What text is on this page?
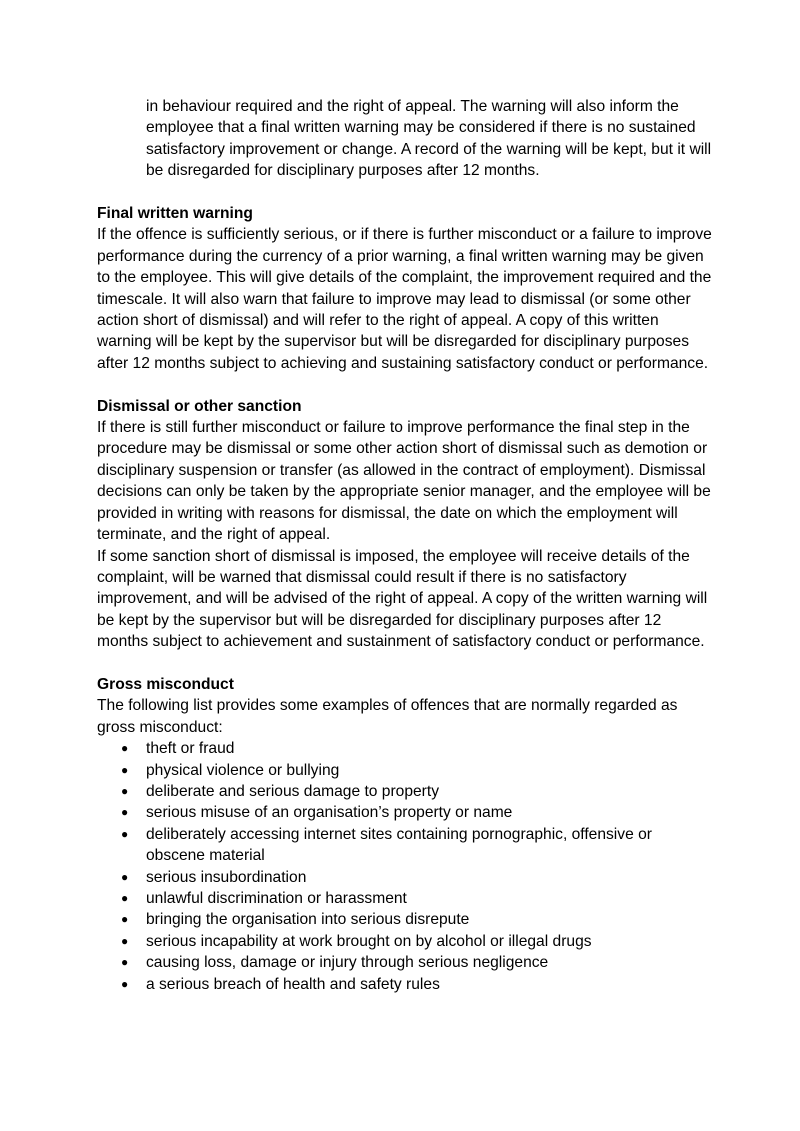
in behaviour required and the right of appeal. The warning will also inform the employee that a final written warning may be considered if there is no sustained satisfactory improvement or change. A record of the warning will be kept, but it will be disregarded for disciplinary purposes after 12 months.

Final written warning

If the offence is sufficiently serious, or if there is further misconduct or a failure to improve performance during the currency of a prior warning, a final written warning may be given to the employee. This will give details of the complaint, the improvement required and the timescale. It will also warn that failure to improve may lead to dismissal (or some other action short of dismissal) and will refer to the right of appeal. A copy of this written warning will be kept by the supervisor but will be disregarded for disciplinary purposes after 12 months subject to achieving and sustaining satisfactory conduct or performance.

Dismissal or other sanction

If there is still further misconduct or failure to improve performance the final step in the procedure may be dismissal or some other action short of dismissal such as demotion or disciplinary suspension or transfer (as allowed in the contract of employment). Dismissal decisions can only be taken by the appropriate senior manager, and the employee will be provided in writing with reasons for dismissal, the date on which the employment will terminate, and the right of appeal.

If some sanction short of dismissal is imposed, the employee will receive details of the complaint, will be warned that dismissal could result if there is no satisfactory improvement, and will be advised of the right of appeal. A copy of the written warning will be kept by the supervisor but will be disregarded for disciplinary purposes after 12 months subject to achievement and sustainment of satisfactory conduct or performance.

Gross misconduct

The following list provides some examples of offences that are normally regarded as gross misconduct:

● theft or fraud
● physical violence or bullying
● deliberate and serious damage to property
● serious misuse of an organisation’s property or name
● deliberately accessing internet sites containing pornographic, offensive or obscene material
● serious insubordination
● unlawful discrimination or harassment
● bringing the organisation into serious disrepute
● serious incapability at work brought on by alcohol or illegal drugs
● causing loss, damage or injury through serious negligence
● a serious breach of health and safety rules
